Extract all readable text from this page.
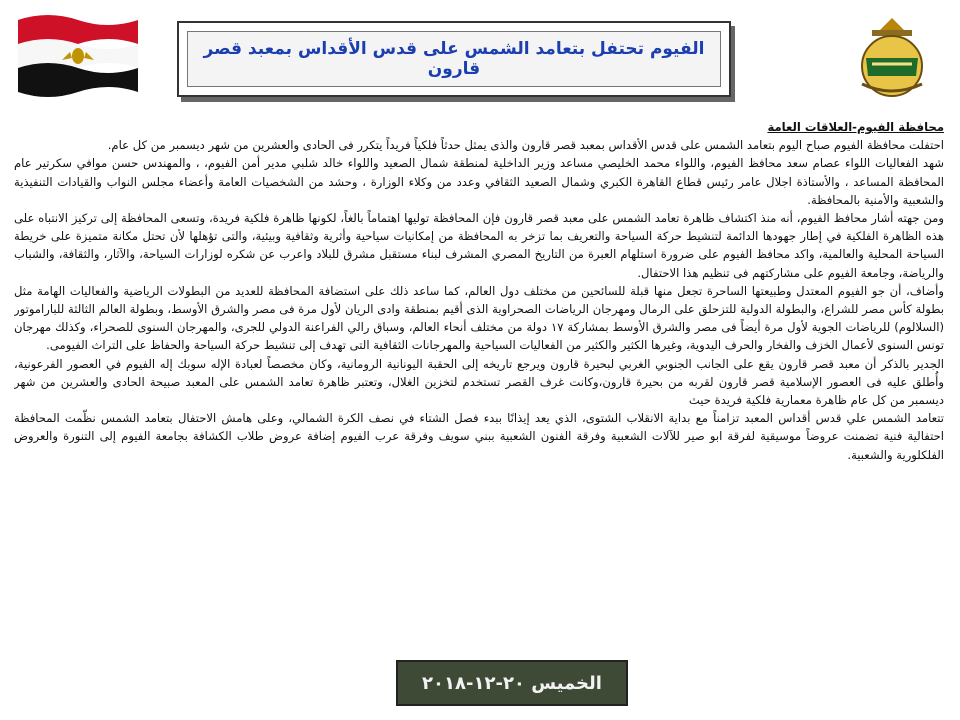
الفيوم تحتفل بتعامد الشمس على قدس الأقداس بمعبد قصر قارون
محافظة الفيوم-العلاقات العامة

احتفلت محافظة الفيوم صباح اليوم بتعامد الشمس على قدس الأقداس بمعبد قصر قارون والذى يمثل حدثاً فلكياً فريداً يتكرر فى الحادى والعشرين من شهر ديسمبر من كل عام.

شهد الفعاليات اللواء عصام سعد محافظ الفيوم، واللواء محمد الخليصي مساعد وزير الداخلية لمنطقة شمال الصعيد واللواء خالد شلبي مدير أمن الفيوم، ، والمهندس حسن موافي سكرتير عام المحافظة المساعد ، والأستاذة اجلال عامر رئيس قطاع القاهرة الكبري وشمال الصعيد الثقافي وعدد من وكلاء الوزارة ، وحشد من الشخصيات العامة وأعضاء مجلس النواب والقيادات التنفيذية والشعبية والأمنية بالمحافظة.

ومن جهته أشار محافظ الفيوم، أنه منذ اكتشاف ظاهرة تعامد الشمس على معبد قصر قارون فإن المحافظة توليها اهتماماً بالغاً، لكونها ظاهرة فلكية فريدة، وتسعى المحافظة إلى تركيز الانتباه على هذه الظاهرة الفلكية في إطار جهودها الدائمة لتنشيط حركة السياحة والتعريف بما تزخر به المحافظة من إمكانيات سياحية وأثرية وثقافية وبيئية، والتى تؤهلها لأن تحتل مكانة متميزة على خريطة السياحة المحلية والعالمية، واكد محافظ الفيوم على ضرورة استلهام العبرة من التاريخ المصري المشرف لبناء مستقبل مشرق للبلاد واعرب عن شكره لوزارات السياحة، والآثار، والثقافة، والشباب والرياضة، وجامعة الفيوم على مشاركتهم فى تنظيم هذا الاحتفال.

وأضاف، أن جو الفيوم المعتدل وطبيعتها الساحرة تجعل منها قبلة للسائحين من مختلف دول العالم، كما ساعد ذلك على استضافة المحافظة للعديد من البطولات الرياضية والفعاليات الهامة مثل بطولة كأس مصر للشراع، والبطولة الدولية للتزحلق على الرمال ومهرجان الرياضات الصحراوية الذى أقيم بمنطقة وادى الريان لأول مرة فى مصر والشرق الأوسط، وبطولة العالم الثالثة للباراموتور (السلالوم) للرياضات الجوية لأول مرة أيضاً فى مصر والشرق الأوسط بمشاركة ١٧ دولة من مختلف أنحاء العالم، وسباق رالي الفراعنة الدولي للجرى، والمهرجان السنوى للصحراء، وكذلك مهرجان تونس السنوى لأعمال الخزف والفخار والحرف اليدوية، وغيرها الكثير والكثير من الفعاليات السياحية والمهرجانات الثقافية التى تهدف إلى تنشيط حركة السياحة والحفاظ على التراث الفيومى.

الجدير بالذكر أن معبد قصر قارون يقع على الجانب الجنوبي الغربي لبحيرة قارون ويرجع تاريخه إلى الحقبة اليونانية الرومانية، وكان مخصصاً لعبادة الإله سوبك إله الفيوم في العصور الفرعونية، وأُطلق عليه فى العصور الإسلامية قصر قارون لقربه من بحيرة قارون،وكانت غرف القصر تستخدم لتخزين الغلال، وتعتبر ظاهرة تعامد الشمس على المعبد صبيحة الحادى والعشرين من شهر ديسمبر من كل عام ظاهرة معمارية فلكية فريدة حيث

تتعامد الشمس علي قدس أقداس المعبد تزامناً مع بداية الانقلاب الشتوى، الذي يعد إيذانًا ببدء فصل الشتاء في نصف الكرة الشمالي، وعلى هامش الاحتفال بتعامد الشمس نظّمت المحافظة احتفالية فنية تضمنت عروضاً موسيقية لفرقة ابو صير للآلات الشعبية وفرقة الفنون الشعبية ببني سويف وفرقة عرب الفيوم إضافة عروض طلاب الكشافة بجامعة الفيوم إلى التنورة والعروض الفلكلورية والشعبية.

الخميس ٢٠-١٢-٢٠١٨
